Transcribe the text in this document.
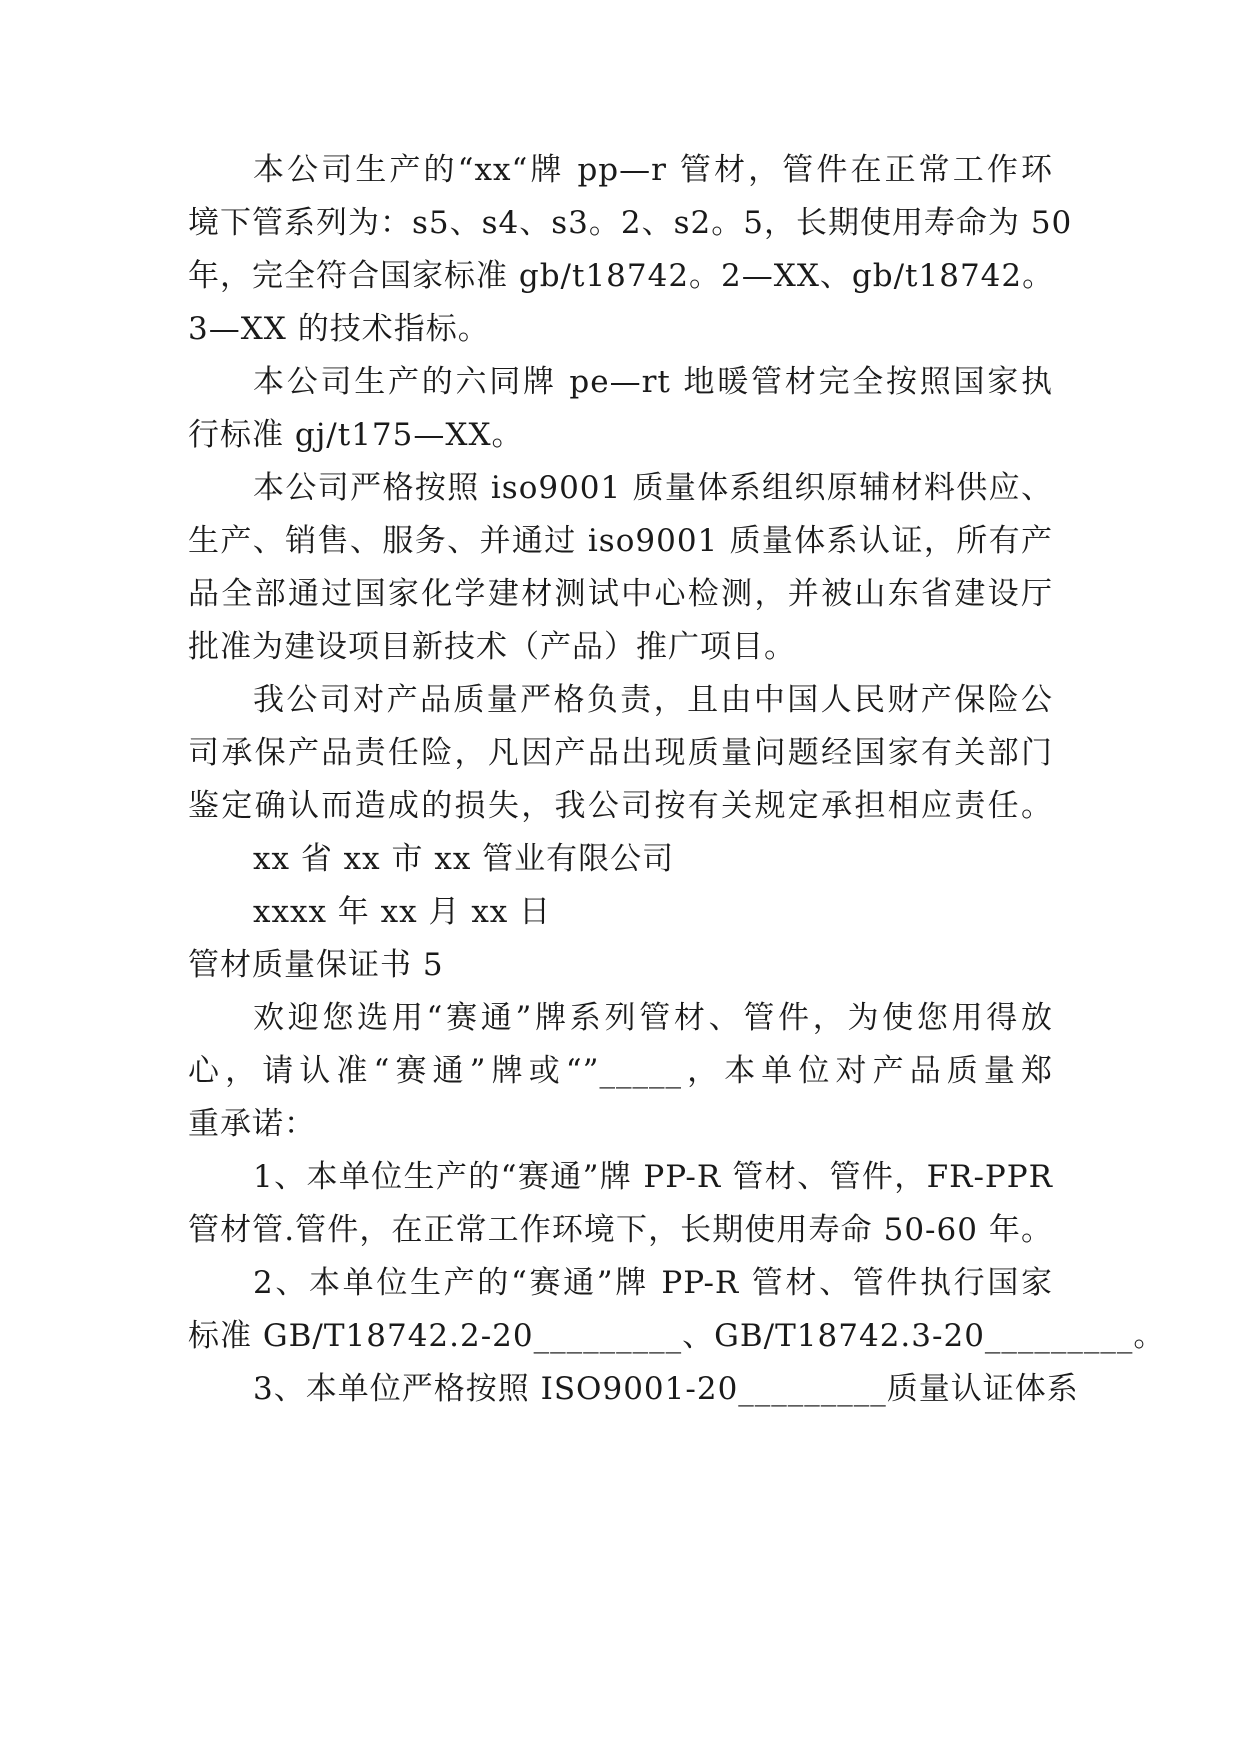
本公司生产的“xx“牌 pp—r 管材，管件在正常工作环
境下管系列为：s5、s4、s3。2、s2。5，长期使用寿命为 50
年，完全符合国家标准 gb/t18742。2—XX、gb/t18742。
3—XX 的技术指标。
本公司生产的六同牌 pe—rt 地暖管材完全按照国家执
行标准 gj/t175—XX。
本公司严格按照 iso9001 质量体系组织原辅材料供应、
生产、销售、服务、并通过 iso9001 质量体系认证，所有产
品全部通过国家化学建材测试中心检测，并被山东省建设厅
批准为建设项目新技术（产品）推广项目。
我公司对产品质量严格负责，且由中国人民财产保险公
司承保产品责任险，凡因产品出现质量问题经国家有关部门
鉴定确认而造成的损失，我公司按有关规定承担相应责任。
xx 省 xx 市 xx 管业有限公司
xxxx 年 xx 月 xx 日
管材质量保证书 5
欢迎您选用“赛通”牌系列管材、管件，为使您用得放
心，请认准“赛通”牌或“”_____，本单位对产品质量郑
重承诺：
1、本单位生产的“赛通”牌 PP-R 管材、管件，FR-PPR
管材管.管件，在正常工作环境下，长期使用寿命 50-60 年。
2、本单位生产的“赛通”牌 PP-R 管材、管件执行国家
标准 GB/T18742.2-20_________、GB/T18742.3-20_________。
3、本单位严格按照 ISO9001-20_________质量认证体系
